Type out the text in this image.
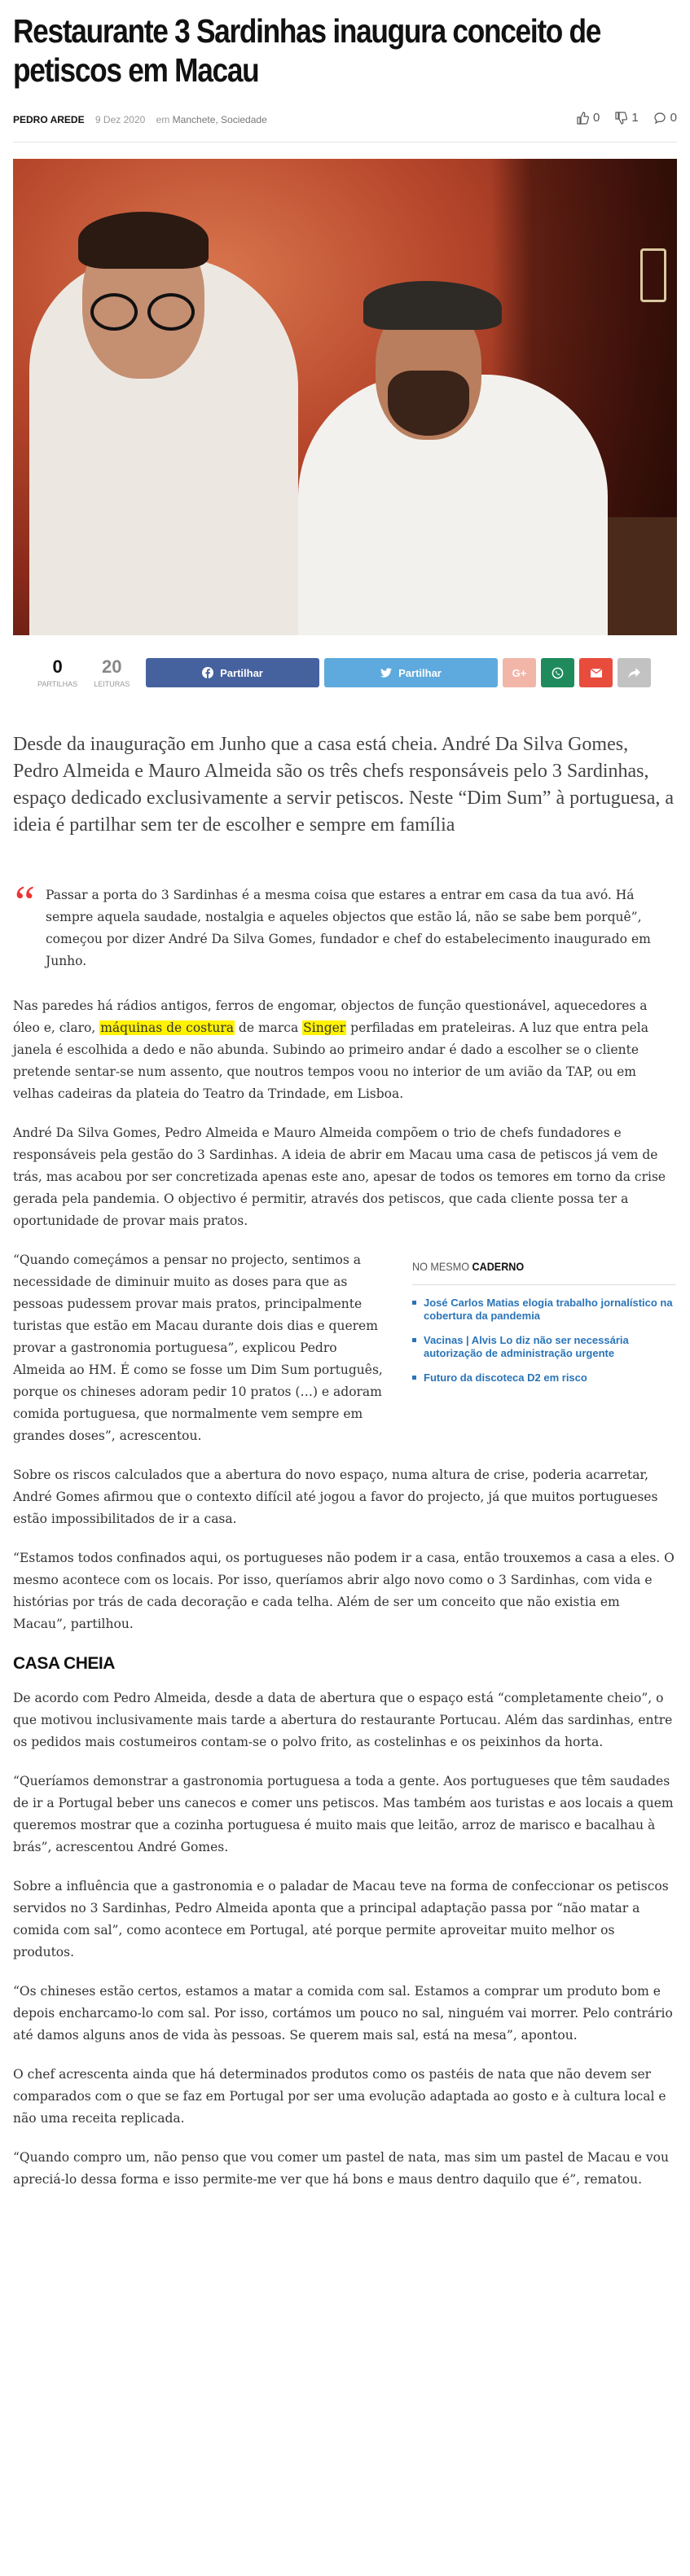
Restaurante 3 Sardinhas inaugura conceito de petiscos em Macau
PEDRO AREDE 9 Dez 2020 em Manchete, Sociedade	0	1	0
0
PARTILHAS
20
LEITURAS
Partilhar	Partilhar	G+

Desde da inauguração em Junho que a casa está cheia. André Da Silva Gomes, Pedro Almeida e Mauro Almeida são os três chefs responsáveis pelo 3 Sardinhas, espaço dedicado exclusivamente a servir petiscos. Neste “Dim Sum” à portuguesa, a ideia é partilhar sem ter de escolher e sempre em família

“ Passar a porta do 3 Sardinhas é a mesma coisa que estares a entrar em casa da tua avó. Há sempre aquela saudade, nostalgia e aqueles objectos que estão lá, não se sabe bem porquê”, começou por dizer André Da Silva Gomes, fundador e chef do estabelecimento inaugurado em Junho.

Nas paredes há rádios antigos, ferros de engomar, objectos de função questionável, aquecedores a óleo e, claro, máquinas de costura de marca Singer perfiladas em prateleiras. A luz que entra pela janela é escolhida a dedo e não abunda. Subindo ao primeiro andar é dado a escolher se o cliente pretende sentar-se num assento, que noutros tempos voou no interior de um avião da TAP, ou em velhas cadeiras da plateia do Teatro da Trindade, em Lisboa.

André Da Silva Gomes, Pedro Almeida e Mauro Almeida compõem o trio de chefs fundadores e responsáveis pela gestão do 3 Sardinhas. A ideia de abrir em Macau uma casa de petiscos já vem de trás, mas acabou por ser concretizada apenas este ano, apesar de todos os temores em torno da crise gerada pela pandemia. O objectivo é permitir, através dos petiscos, que cada cliente possa ter a oportunidade de provar mais pratos.

NO MESMO CADERNO
José Carlos Matias elogia trabalho jornalístico na cobertura da pandemia
Vacinas | Alvis Lo diz não ser necessária autorização de administração urgente
Futuro da discoteca D2 em risco

“Quando começámos a pensar no projecto, sentimos a necessidade de diminuir muito as doses para que as pessoas pudessem provar mais pratos, principalmente turistas que estão em Macau durante dois dias e querem provar a gastronomia portuguesa”, explicou Pedro Almeida ao HM. É como se fosse um Dim Sum português, porque os chineses adoram pedir 10 pratos (…) e adoram comida portuguesa, que normalmente vem sempre em grandes doses”, acrescentou.

Sobre os riscos calculados que a abertura do novo espaço, numa altura de crise, poderia acarretar, André Gomes afirmou que o contexto difícil até jogou a favor do projecto, já que muitos portugueses estão impossibilitados de ir a casa.

“Estamos todos confinados aqui, os portugueses não podem ir a casa, então trouxemos a casa a eles. O mesmo acontece com os locais. Por isso, queríamos abrir algo novo como o 3 Sardinhas, com vida e histórias por trás de cada decoração e cada telha. Além de ser um conceito que não existia em Macau”, partilhou.

CASA CHEIA

De acordo com Pedro Almeida, desde a data de abertura que o espaço está “completamente cheio”, o que motivou inclusivamente mais tarde a abertura do restaurante Portucau. Além das sardinhas, entre os pedidos mais costumeiros contam-se o polvo frito, as costelinhas e os peixinhos da horta.

“Queríamos demonstrar a gastronomia portuguesa a toda a gente. Aos portugueses que têm saudades de ir a Portugal beber uns canecos e comer uns petiscos. Mas também aos turistas e aos locais a quem queremos mostrar que a cozinha portuguesa é muito mais que leitão, arroz de marisco e bacalhau à brás”, acrescentou André Gomes.

Sobre a influência que a gastronomia e o paladar de Macau teve na forma de confeccionar os petiscos servidos no 3 Sardinhas, Pedro Almeida aponta que a principal adaptação passa por “não matar a comida com sal”, como acontece em Portugal, até porque permite aproveitar muito melhor os produtos.

“Os chineses estão certos, estamos a matar a comida com sal. Estamos a comprar um produto bom e depois encharcamo-lo com sal. Por isso, cortámos um pouco no sal, ninguém vai morrer. Pelo contrário até damos alguns anos de vida às pessoas. Se querem mais sal, está na mesa”, apontou.

O chef acrescenta ainda que há determinados produtos como os pastéis de nata que não devem ser comparados com o que se faz em Portugal por ser uma evolução adaptada ao gosto e à cultura local e não uma receita replicada.

“Quando compro um, não penso que vou comer um pastel de nata, mas sim um pastel de Macau e vou apreciá-lo dessa forma e isso permite-me ver que há bons e maus dentro daquilo que é”, rematou.
